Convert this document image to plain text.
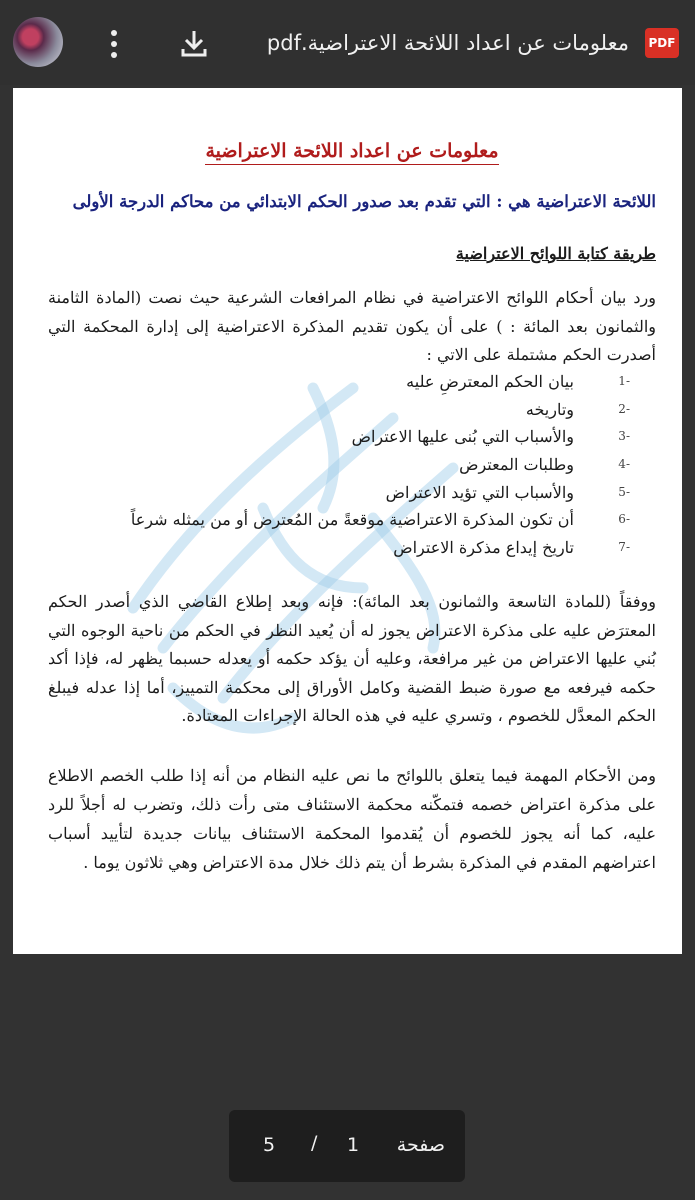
PDF
معلومات عن اعداد اللائحة الاعتراضية.pdf
معلومات عن اعداد اللائحة الاعتراضية
اللائحة الاعتراضية هي : التي تقدم بعد صدور الحكم الابتدائي من محاكم الدرجة الأولى
طريقة كتابة اللوائح الاعتراضية
ورد بيان أحكام اللوائح الاعتراضية في نظام المرافعات الشرعية حيث نصت (المادة الثامنة والثمانون بعد المائة : ) على أن يكون تقديم المذكرة الاعتراضية إلى إدارة المحكمة التي أصدرت الحكم مشتملة على الاتي :
-1
بيان الحكم المعترضِ عليه
-2
وتاريخه
-3
والأسباب التي بُنى عليها الاعتراض
-4
وطلبات المعترض
-5
والأسباب التي تؤيد الاعتراض
-6
أن تكون المذكرة الاعتراضية موقعةً من المُعترض أو من يمثله شرعاً
-7
تاريخ إيداع مذكرة الاعتراض
ووفقاً (للمادة التاسعة والثمانون بعد المائة): فإنه وبعد إطلاع القاضي الذي أصدر الحكم المعترَض عليه على مذكرة الاعتراض يجوز له أن يُعيد النظر في الحكم من ناحية الوجوه التي بُني عليها الاعتراض من غير مرافعة، وعليه أن يؤكد حكمه أو يعدله حسبما يظهر له، فإذا أكد حكمه فيرفعه مع صورة ضبط القضية وكامل الأوراق إلى محكمة التمييز، أما إذا عدله فيبلغ الحكم المعدَّل للخصوم ، وتسري عليه في هذه الحالة الإجراءات المعتادة.
ومن الأحكام المهمة فيما يتعلق باللوائح ما نص عليه النظام من أنه إذا طلب الخصم الاطلاع على مذكرة اعتراض خصمه فتمكّنه محكمة الاستئناف متى رأت ذلك، وتضرب له أجلاً للرد عليه، كما أنه يجوز للخصوم أن يُقدموا المحكمة الاستئناف بيانات جديدة لتأييد أسباب اعتراضهم المقدم في المذكرة بشرط أن يتم ذلك خلال مدة الاعتراض وهي ثلاثون يوما .
صفحة
1
/
5
